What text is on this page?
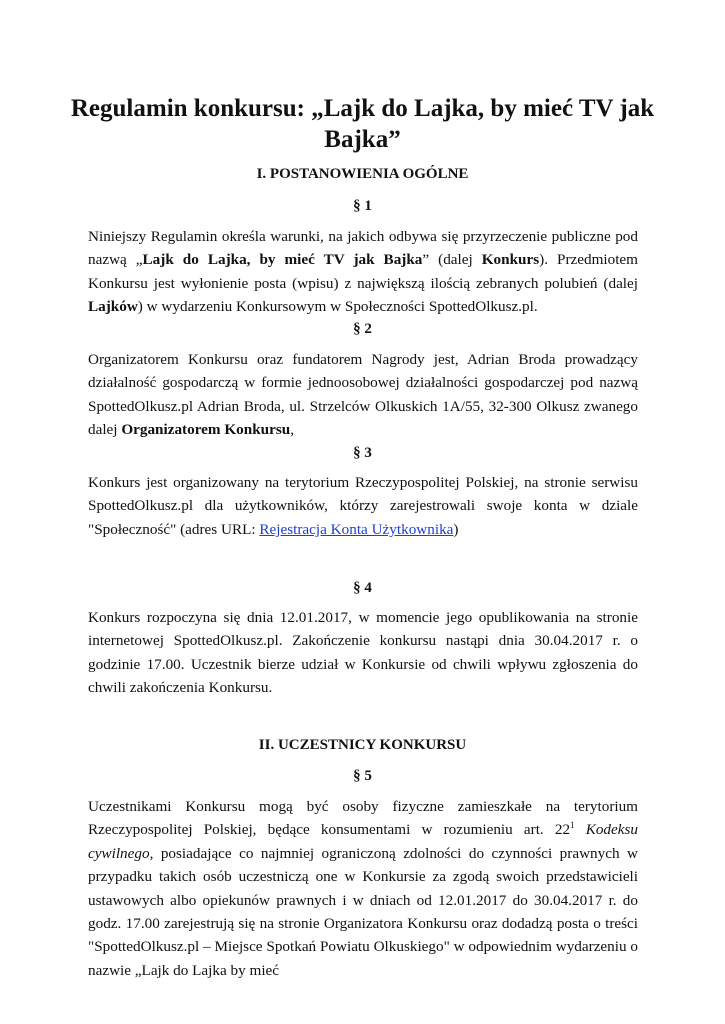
Regulamin konkursu: „Lajk do Lajka, by mieć TV jak Bajka”
I. POSTANOWIENIA OGÓLNE
§ 1

Niniejszy Regulamin określa warunki, na jakich odbywa się przyrzeczenie publiczne pod nazwą „Lajk do Lajka, by mieć TV jak Bajka” (dalej Konkurs). Przedmiotem Konkursu jest wyłonienie posta (wpisu) z największą ilością zebranych polubień (dalej Lajków) w wydarzeniu Konkursowym w Społeczności SpottedOlkusz.pl.

§ 2

Organizatorem Konkursu oraz fundatorem Nagrody jest, Adrian Broda prowadzący działalność gospodarczą w formie jednoosobowej działalności gospodarczej pod nazwą SpottedOlkusz.pl Adrian Broda, ul. Strzelców Olkuskich 1A/55, 32-300 Olkusz zwanego dalej Organizatorem Konkursu,

§ 3

Konkurs jest organizowany na terytorium Rzeczypospolitej Polskiej, na stronie serwisu SpottedOlkusz.pl dla użytkowników, którzy zarejestrowali swoje konta w dziale "Społeczność" (adres URL: Rejestracja Konta Użytkownika)

§ 4

Konkurs rozpoczyna się dnia 12.01.2017, w momencie jego opublikowania na stronie internetowej SpottedOlkusz.pl. Zakończenie konkursu nastąpi dnia 30.04.2017 r. o godzinie 17.00. Uczestnik bierze udział w Konkursie od chwili wpływu zgłoszenia do chwili zakończenia Konkursu.

II. UCZESTNICY KONKURSU
§ 5

Uczestnikami Konkursu mogą być osoby fizyczne zamieszkałe na terytorium Rzeczypospolitej Polskiej, będące konsumentami w rozumieniu art. $22^1$ Kodeksu cywilnego, posiadające co najmniej ograniczoną zdolności do czynności prawnych w przypadku takich osób uczestniczą one w Konkursie za zgodą swoich przedstawicieli ustawowych albo opiekunów prawnych i w dniach od 12.01.2017 do 30.04.2017 r. do godz. 17.00 zarejestrują się na stronie Organizatora Konkursu oraz dodadzą posta o treści "SpottedOlkusz.pl – Miejsce Spotkań Powiatu Olkuskiego" w odpowiednim wydarzeniu o nazwie „Lajk do Lajka by mieć
